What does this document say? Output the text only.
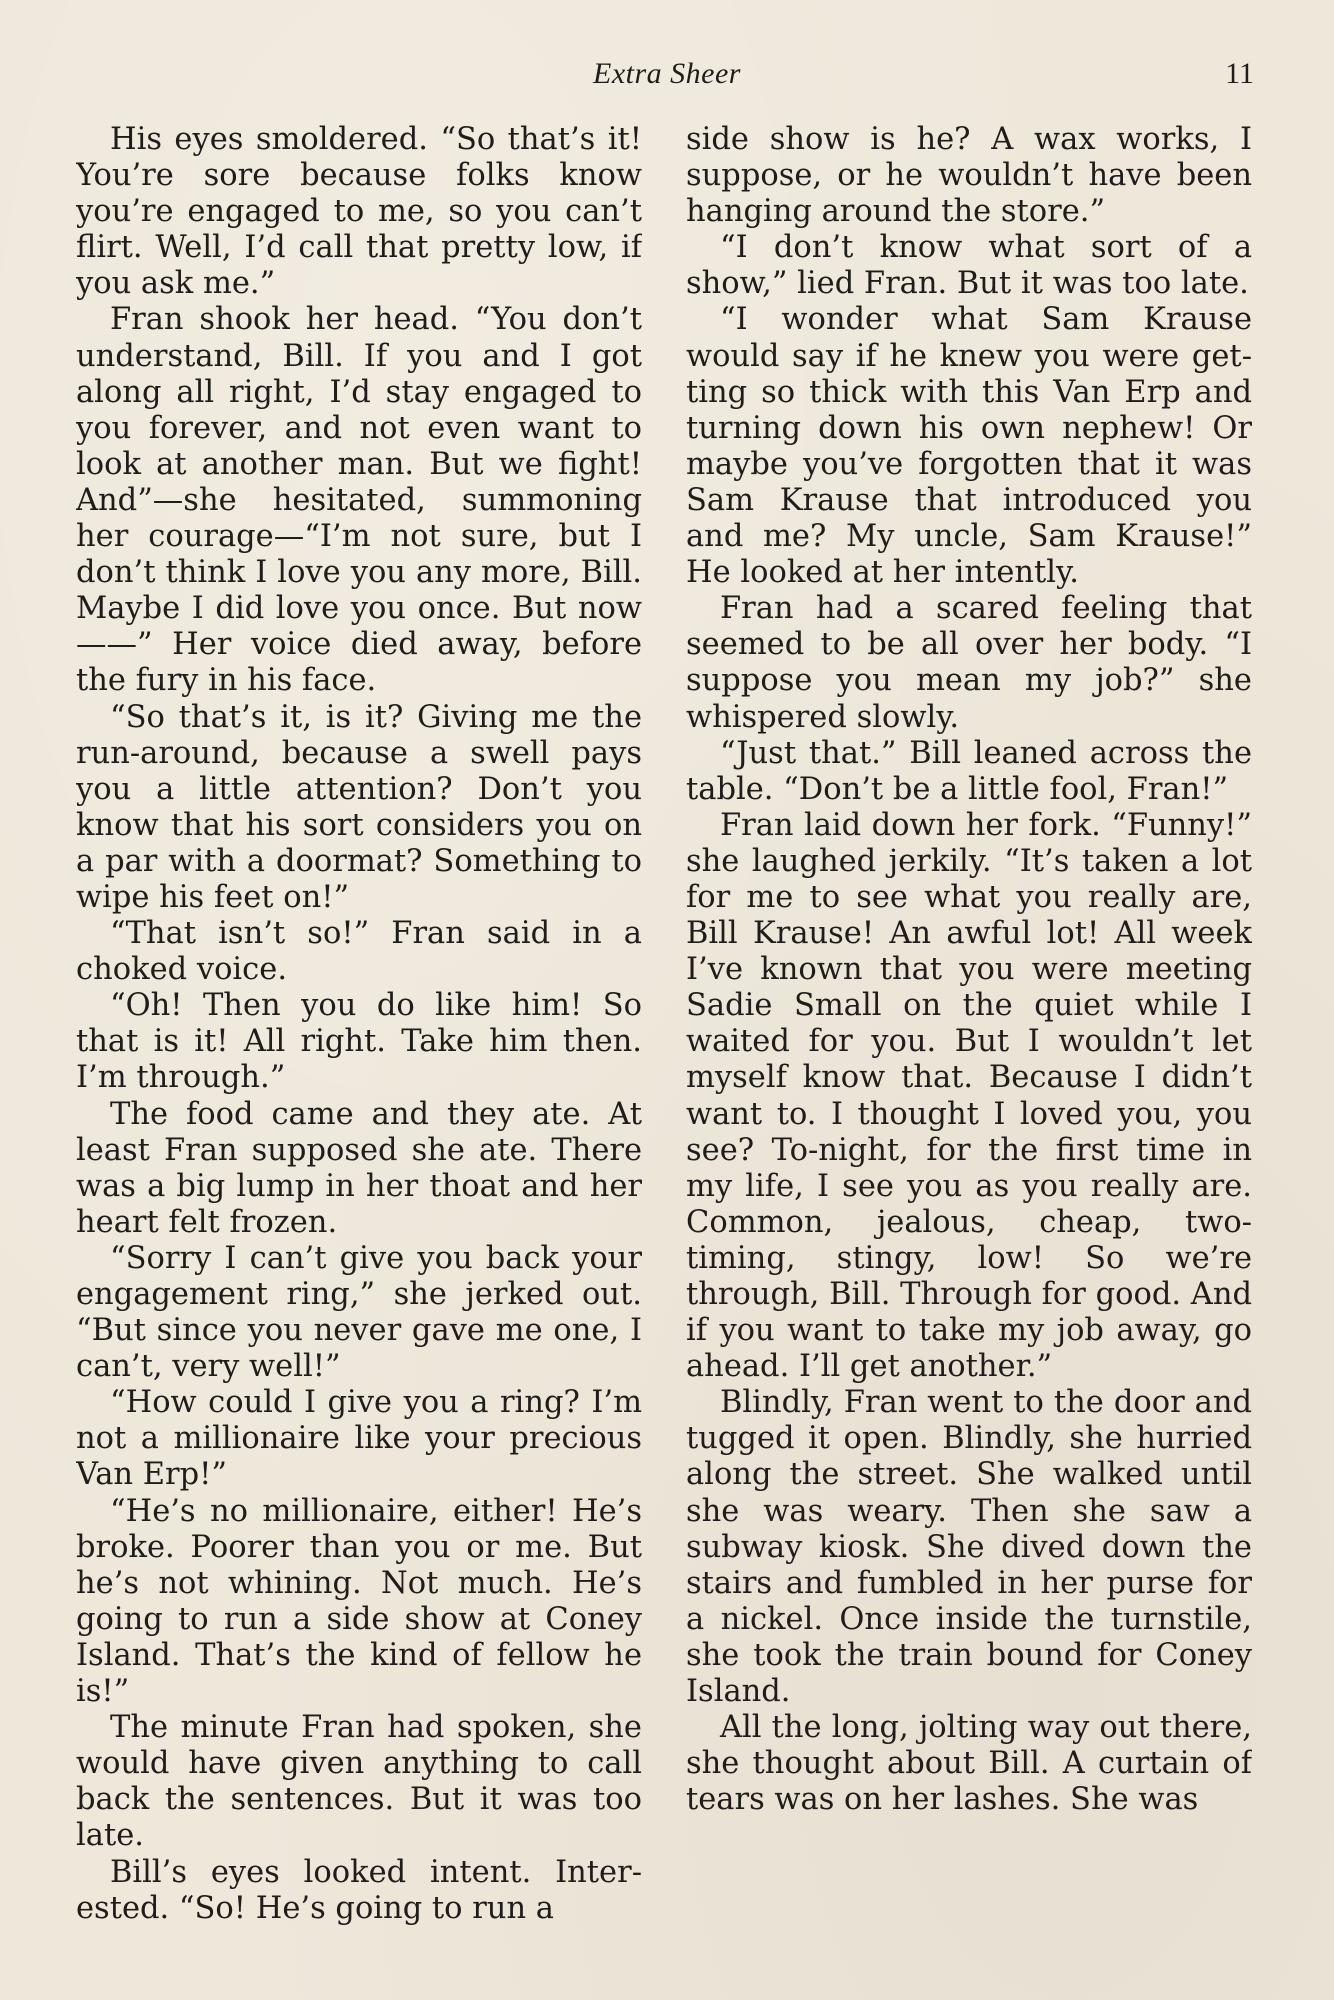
Extra Sheer	11

His eyes smoldered. “So that’s it! You’re sore because folks know you’re engaged to me, so you can’t flirt. Well, I’d call that pretty low, if you ask me.”

Fran shook her head. “You don’t understand, Bill. If you and I got along all right, I’d stay engaged to you forever, and not even want to look at another man. But we fight! And”—she hesitated, summoning her courage—“I’m not sure, but I don’t think I love you any more, Bill. Maybe I did love you once. But now——” Her voice died away, before the fury in his face.

“So that’s it, is it? Giving me the run-around, because a swell pays you a little attention? Don’t you know that his sort considers you on a par with a doormat? Something to wipe his feet on!”

“That isn’t so!” Fran said in a choked voice.

“Oh! Then you do like him! So that is it! All right. Take him then. I’m through.”

The food came and they ate. At least Fran supposed she ate. There was a big lump in her thoat and her heart felt frozen.

“Sorry I can’t give you back your engagement ring,” she jerked out. “But since you never gave me one, I can’t, very well!”

“How could I give you a ring? I’m not a millionaire like your precious Van Erp!”

“He’s no millionaire, either! He’s broke. Poorer than you or me. But he’s not whining. Not much. He’s going to run a side show at Coney Island. That’s the kind of fellow he is!”

The minute Fran had spoken, she would have given anything to call back the sentences. But it was too late.

Bill’s eyes looked intent. Interested. “So! He’s going to run a

side show is he? A wax works, I suppose, or he wouldn’t have been hanging around the store.”

“I don’t know what sort of a show,” lied Fran. But it was too late.

“I wonder what Sam Krause would say if he knew you were getting so thick with this Van Erp and turning down his own nephew! Or maybe you’ve forgotten that it was Sam Krause that introduced you and me? My uncle, Sam Krause!” He looked at her intently.

Fran had a scared feeling that seemed to be all over her body. “I suppose you mean my job?” she whispered slowly.

“Just that.” Bill leaned across the table. “Don’t be a little fool, Fran!”

Fran laid down her fork. “Funny!” she laughed jerkily. “It’s taken a lot for me to see what you really are, Bill Krause! An awful lot! All week I’ve known that you were meeting Sadie Small on the quiet while I waited for you. But I wouldn’t let myself know that. Because I didn’t want to. I thought I loved you, you see? To-night, for the first time in my life, I see you as you really are. Common, jealous, cheap, two-timing, stingy, low! So we’re through, Bill. Through for good. And if you want to take my job away, go ahead. I’ll get another.”

Blindly, Fran went to the door and tugged it open. Blindly, she hurried along the street. She walked until she was weary. Then she saw a subway kiosk. She dived down the stairs and fumbled in her purse for a nickel. Once inside the turnstile, she took the train bound for Coney Island.

All the long, jolting way out there, she thought about Bill. A curtain of tears was on her lashes. She was
